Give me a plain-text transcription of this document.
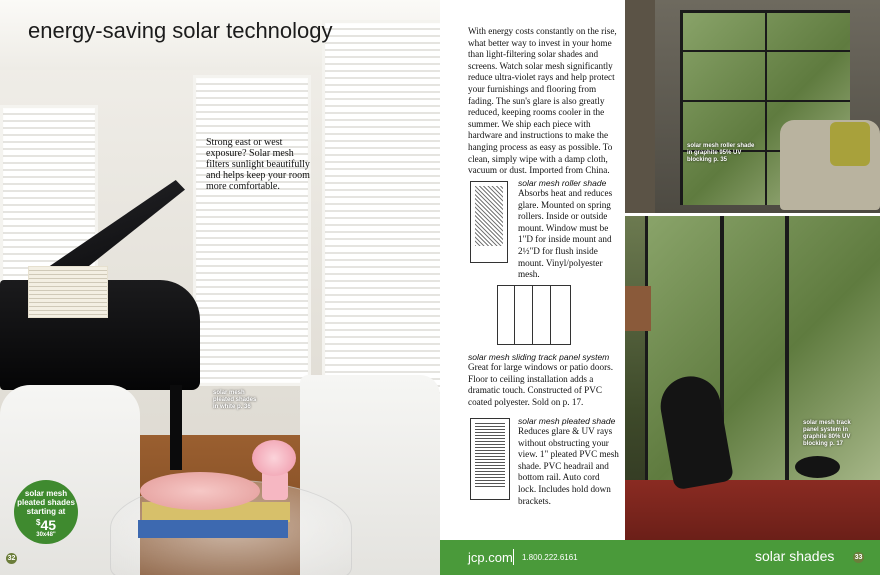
energy-saving solar technology

Strong east or west exposure? Solar mesh filters sunlight beautifully and helps keep your room more comfortable.

solar mesh
pleated shades
in white p. 36
solar mesh
pleated shades
starting at
$45
30x48"
32

With energy costs constantly on the rise, what better way to invest in your home than light-filtering solar shades and screens. Watch solar mesh significantly reduce ultra-violet rays and help protect your furnishings and flooring from fading. The sun's glare is also greatly reduced, keeping rooms cooler in the summer. We ship each piece with hardware and instructions to make the hanging process as easy as possible. To clean, simply wipe with a damp cloth, vacuum or dust. Imported from China.

solar mesh roller shade
Absorbs heat and reduces glare. Mounted on spring rollers. Inside or outside mount. Window must be 1"D for inside mount and 2½"D for flush inside mount. Vinyl/polyester mesh.
solar mesh sliding track panel system
Great for large windows or patio doors. Floor to ceiling installation adds a dramatic touch. Constructed of PVC coated polyester. Sold on p. 17.
solar mesh pleated shade
Reduces glare & UV rays without obstructing your view. 1" pleated PVC mesh shade. PVC headrail and bottom rail. Auto cord lock. Includes hold down brackets.
solar mesh roller shade
in graphite 95% UV
blocking p. 35
solar mesh track
panel system in
graphite 80% UV
blocking p. 17
jcp.com 1.800.222.6161	solar shades	33
